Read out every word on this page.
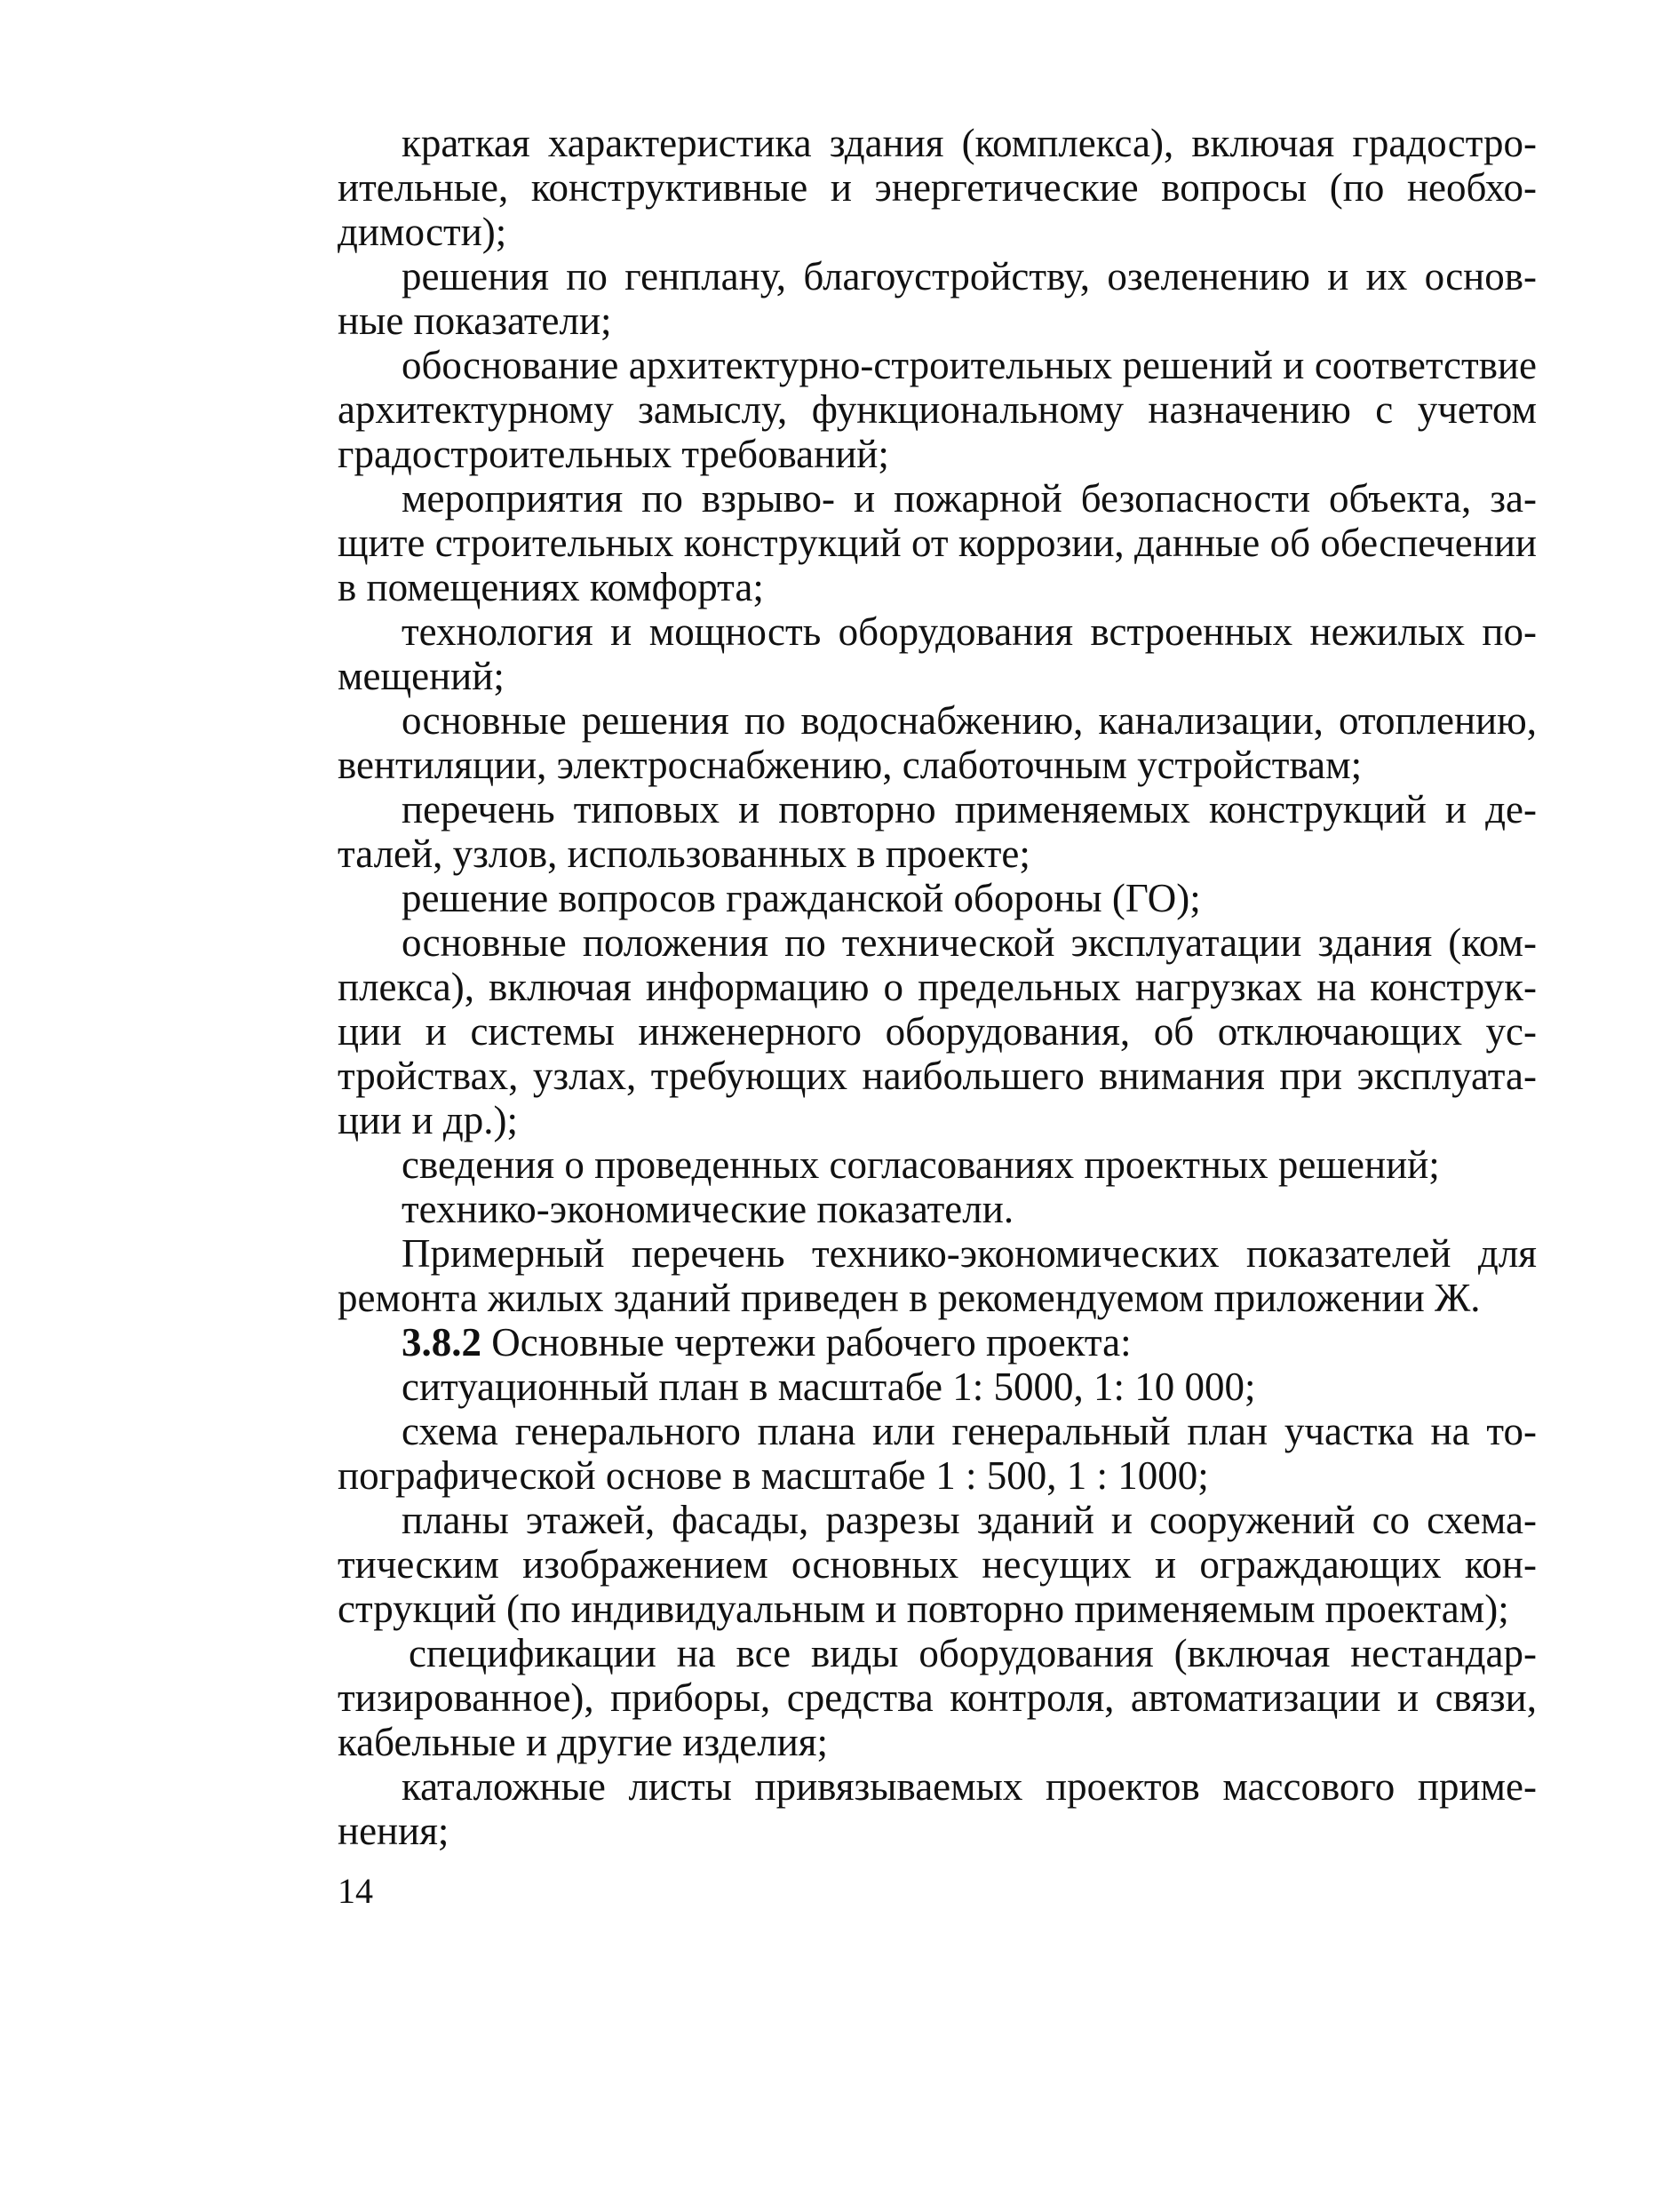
краткая характеристика здания (комплекса), включая градостроительные, конструктивные и энергетические вопросы (по необходимости);

решения по генплану, благоустройству, озеленению и их основные показатели;

обоснование архитектурно-строительных решений и соответствие архитектурному замыслу, функциональному назначению с учетом градостроительных требований;

мероприятия по взрыво- и пожарной безопасности объекта, защите строительных конструкций от коррозии, данные об обеспечении в помещениях комфорта;

технология и мощность оборудования встроенных нежилых помещений;

основные решения по водоснабжению, канализации, отоплению, вентиляции, электроснабжению, слаботочным устройствам;

перечень типовых и повторно применяемых конструкций и деталей, узлов, использованных в проекте;

решение вопросов гражданской обороны (ГО);

основные положения по технической эксплуатации здания (комплекса), включая информацию о предельных нагрузках на конструкции и системы инженерного оборудования, об отключающих устройствах, узлах, требующих наибольшего внимания при эксплуатации и др.);

сведения о проведенных согласованиях проектных решений;

технико-экономические показатели.

Примерный перечень технико-экономических показателей для ремонта жилых зданий приведен в рекомендуемом приложении Ж.

3.8.2 Основные чертежи рабочего проекта:

ситуационный план в масштабе 1: 5000, 1: 10 000;

схема генерального плана или генеральный план участка на топографической основе в масштабе 1 : 500, 1 : 1000;

планы этажей, фасады, разрезы зданий и сооружений со схематическим изображением основных несущих и ограждающих конструкций (по индивидуальным и повторно применяемым проектам);

спецификации на все виды оборудования (включая нестандартизированное), приборы, средства контроля, автоматизации и связи, кабельные и другие изделия;

каталожные листы привязываемых проектов массового применения;

14
